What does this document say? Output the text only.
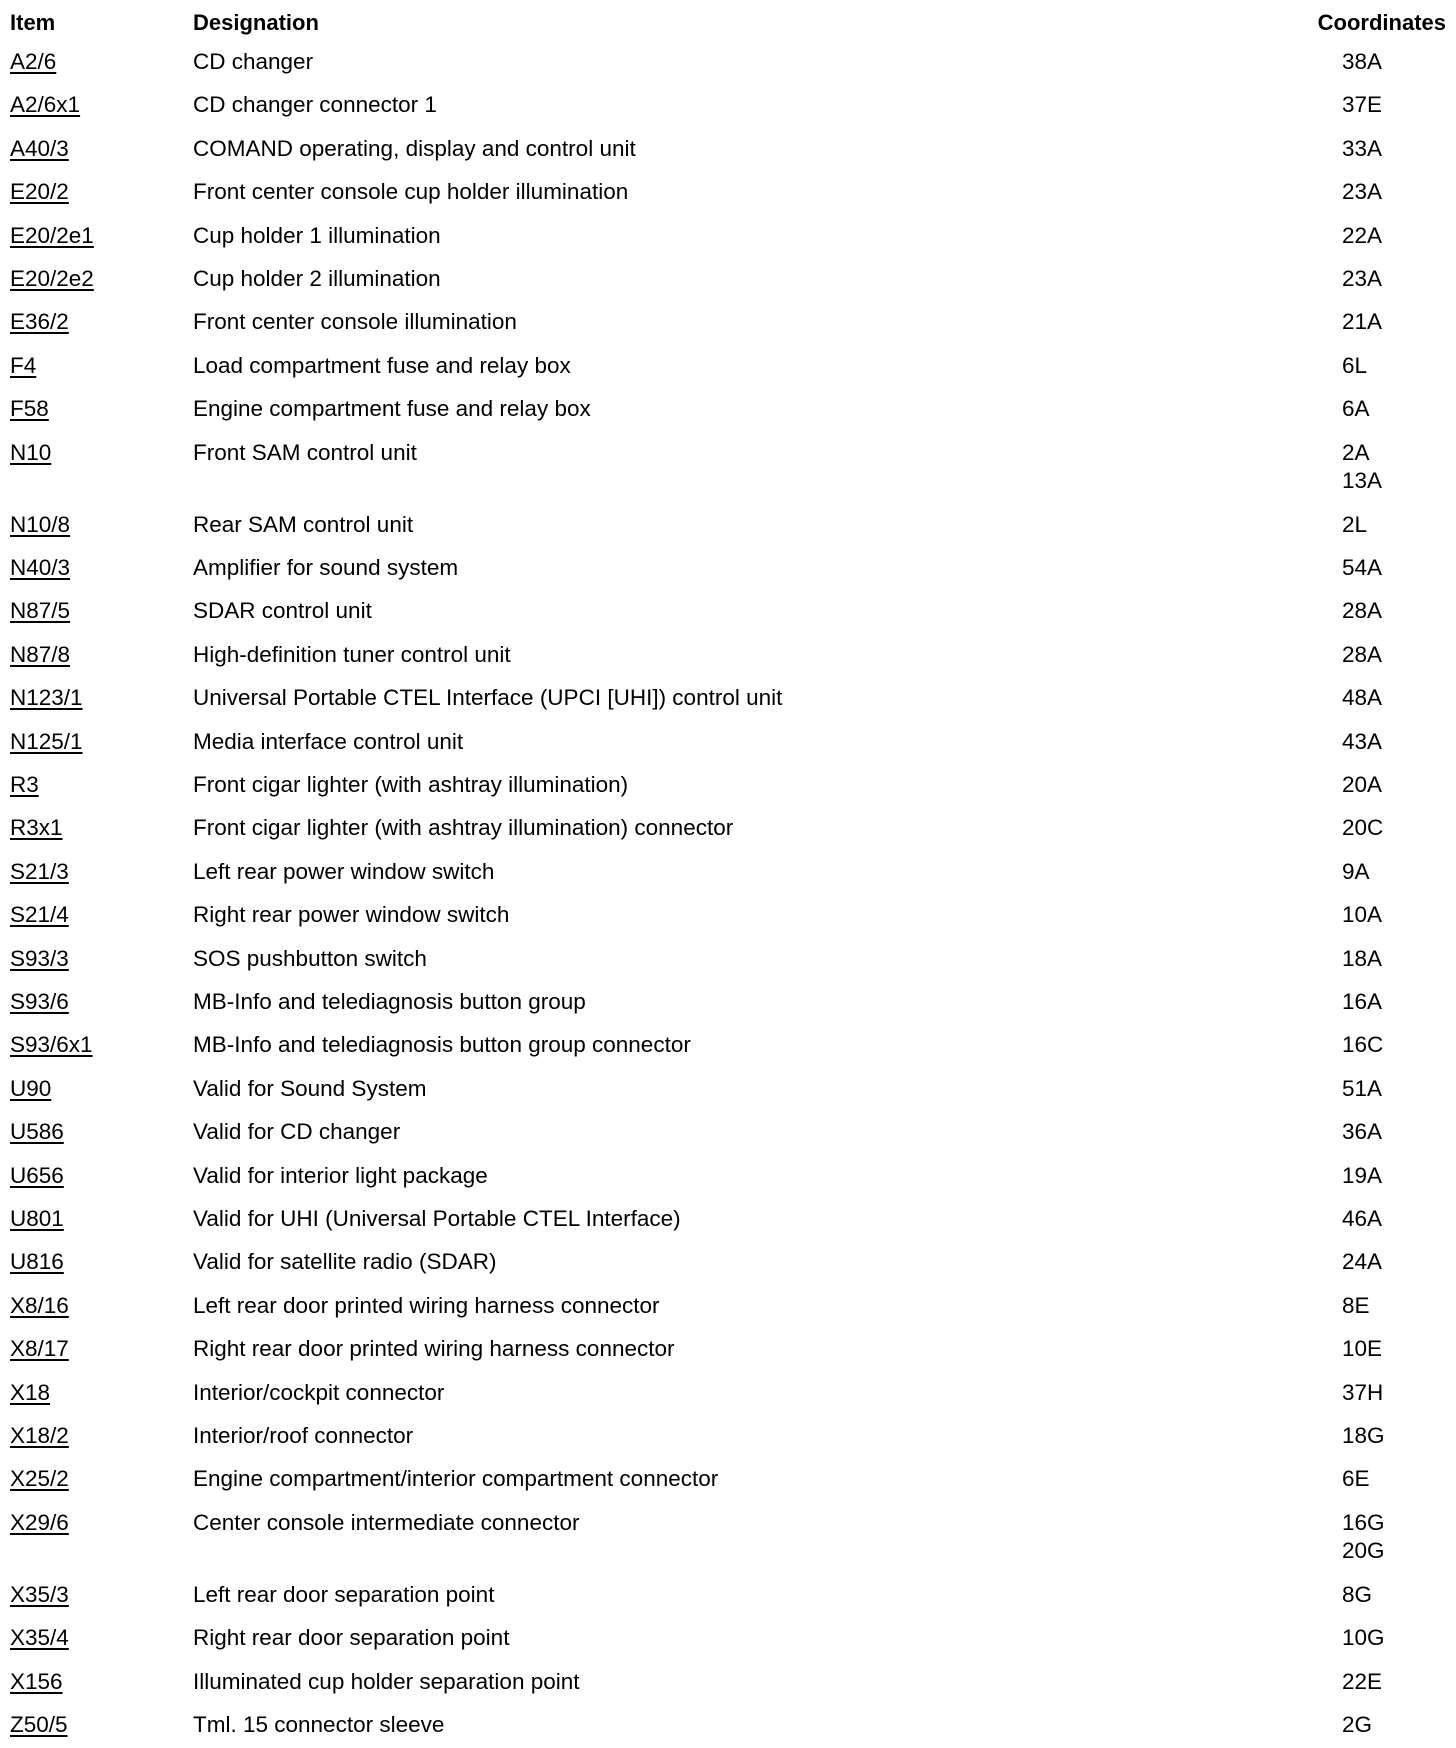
Item	Designation	Coordinates
A2/6	CD changer	38A
A2/6x1	CD changer connector 1	37E
A40/3	COMAND operating, display and control unit	33A
E20/2	Front center console cup holder illumination	23A
E20/2e1	Cup holder 1 illumination	22A
E20/2e2	Cup holder 2 illumination	23A
E36/2	Front center console illumination	21A
F4	Load compartment fuse and relay box	6L
F58	Engine compartment fuse and relay box	6A
N10	Front SAM control unit	2A
13A
N10/8	Rear SAM control unit	2L
N40/3	Amplifier for sound system	54A
N87/5	SDAR control unit	28A
N87/8	High-definition tuner control unit	28A
N123/1	Universal Portable CTEL Interface (UPCI [UHI]) control unit	48A
N125/1	Media interface control unit	43A
R3	Front cigar lighter (with ashtray illumination)	20A
R3x1	Front cigar lighter (with ashtray illumination) connector	20C
S21/3	Left rear power window switch	9A
S21/4	Right rear power window switch	10A
S93/3	SOS pushbutton switch	18A
S93/6	MB-Info and telediagnosis button group	16A
S93/6x1	MB-Info and telediagnosis button group connector	16C
U90	Valid for Sound System	51A
U586	Valid for CD changer	36A
U656	Valid for interior light package	19A
U801	Valid for UHI (Universal Portable CTEL Interface)	46A
U816	Valid for satellite radio (SDAR)	24A
X8/16	Left rear door printed wiring harness connector	8E
X8/17	Right rear door printed wiring harness connector	10E
X18	Interior/cockpit connector	37H
X18/2	Interior/roof connector	18G
X25/2	Engine compartment/interior compartment connector	6E
X29/6	Center console intermediate connector	16G
20G
X35/3	Left rear door separation point	8G
X35/4	Right rear door separation point	10G
X156	Illuminated cup holder separation point	22E
Z50/5	Tml. 15 connector sleeve	2G
